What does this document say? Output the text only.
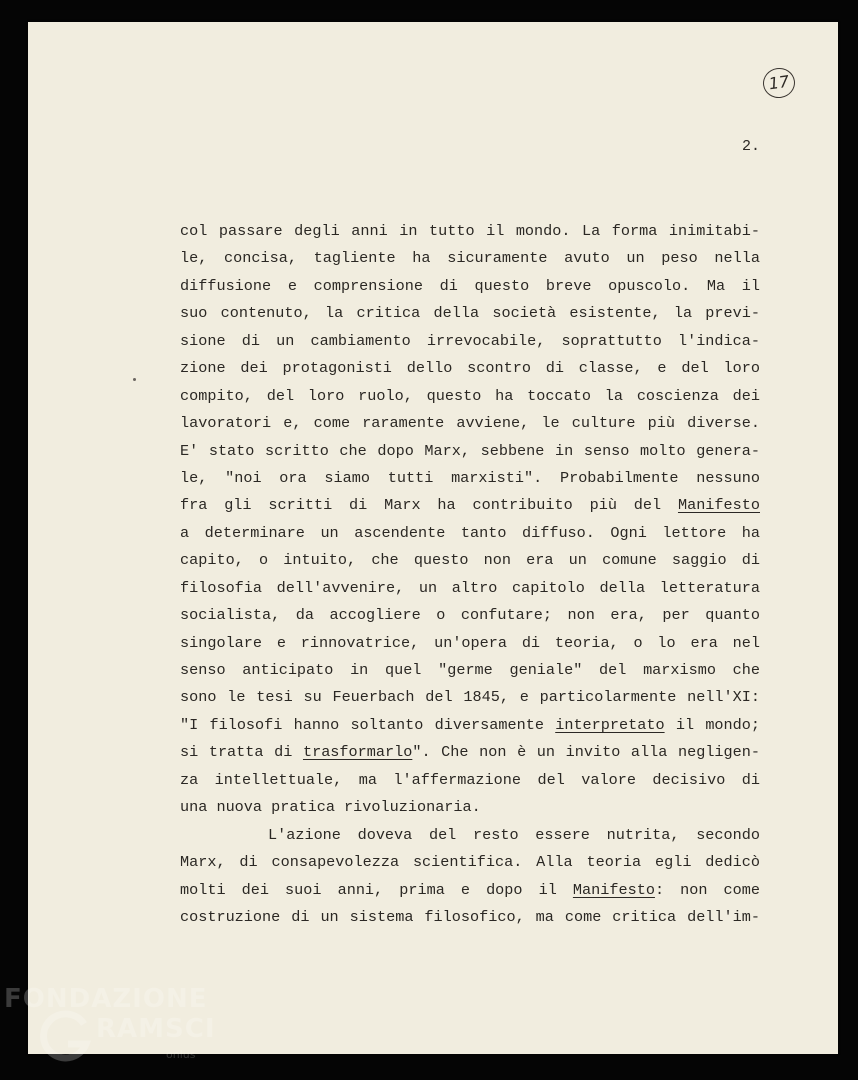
17
2.
col passare degli anni in tutto il mondo. La forma inimitabi-
le, concisa, tagliente ha sicuramente avuto un peso nella
diffusione e comprensione di questo breve opuscolo. Ma il
suo contenuto, la critica della società esistente, la previ-
sione di un cambiamento irrevocabile, soprattutto l'indica-
zione dei protagonisti dello scontro di classe, e del loro
compito, del loro ruolo, questo ha toccato la coscienza dei
lavoratori e, come raramente avviene, le culture più diverse.
E' stato scritto che dopo Marx, sebbene in senso molto genera-
le, "noi ora siamo tutti marxisti". Probabilmente nessuno
fra gli scritti di Marx ha contribuito più del Manifesto
a determinare un ascendente tanto diffuso. Ogni lettore ha
capito, o intuito, che questo non era un comune saggio di
filosofia dell'avvenire, un altro capitolo della letteratura
socialista, da accogliere o confutare; non era, per quanto
singolare e rinnovatrice, un'opera di teoria, o lo era nel
senso anticipato in quel "germe geniale" del marxismo che
sono le tesi su Feuerbach del 1845, e particolarmente nell'XI:
"I filosofi hanno soltanto diversamente interpretato il mondo;
si tratta di trasformarlo". Che non è un invito alla negligen-
za intellettuale, ma l'affermazione del valore decisivo di
una nuova pratica rivoluzionaria.
L'azione doveva del resto essere nutrita, secondo
Marx, di consapevolezza scientifica. Alla teoria egli dedicò
molti dei suoi anni, prima e dopo il Manifesto: non come
costruzione di un sistema filosofico, ma come critica dell'im-
FONDAZIONE
RAMSCI
onlus
